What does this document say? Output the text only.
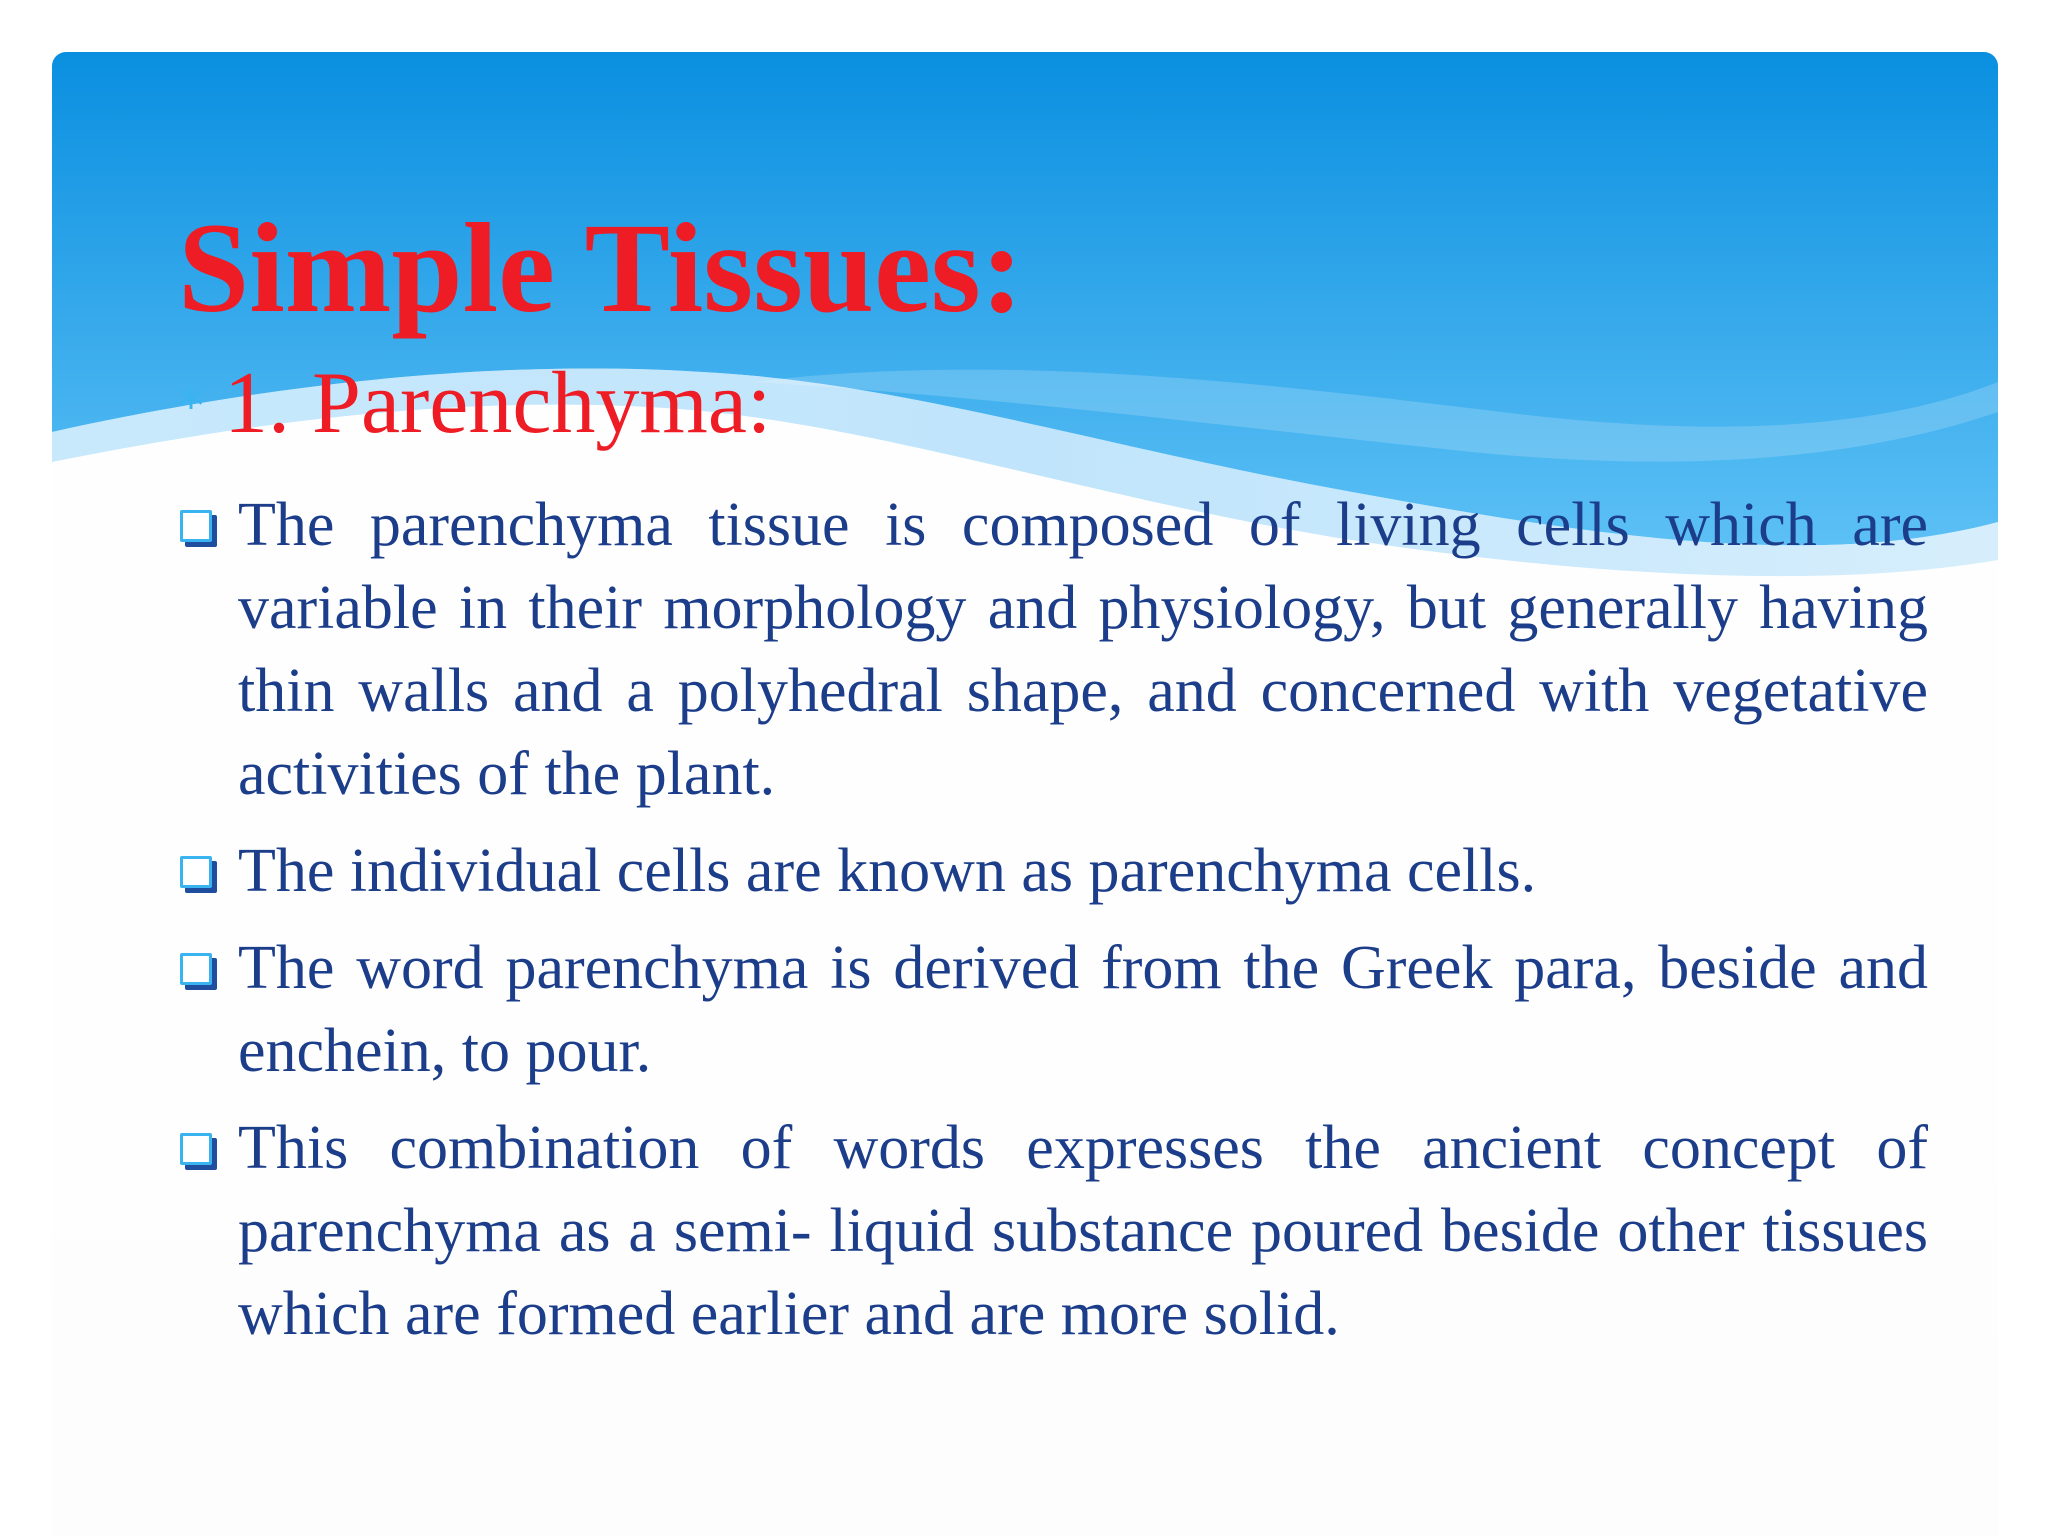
Simple Tissues:
* 1. Parenchyma:
The parenchyma tissue is composed of living cells which are variable in their morphology and physiology, but generally having thin walls and a polyhedral shape, and concerned with vegetative activities of the plant.
The individual cells are known as parenchyma cells.
The word parenchyma is derived from the Greek para, beside and enchein, to pour.
This combination of words expresses the ancient concept of parenchyma as a semi- liquid substance poured beside other tissues which are formed earlier and are more solid.
